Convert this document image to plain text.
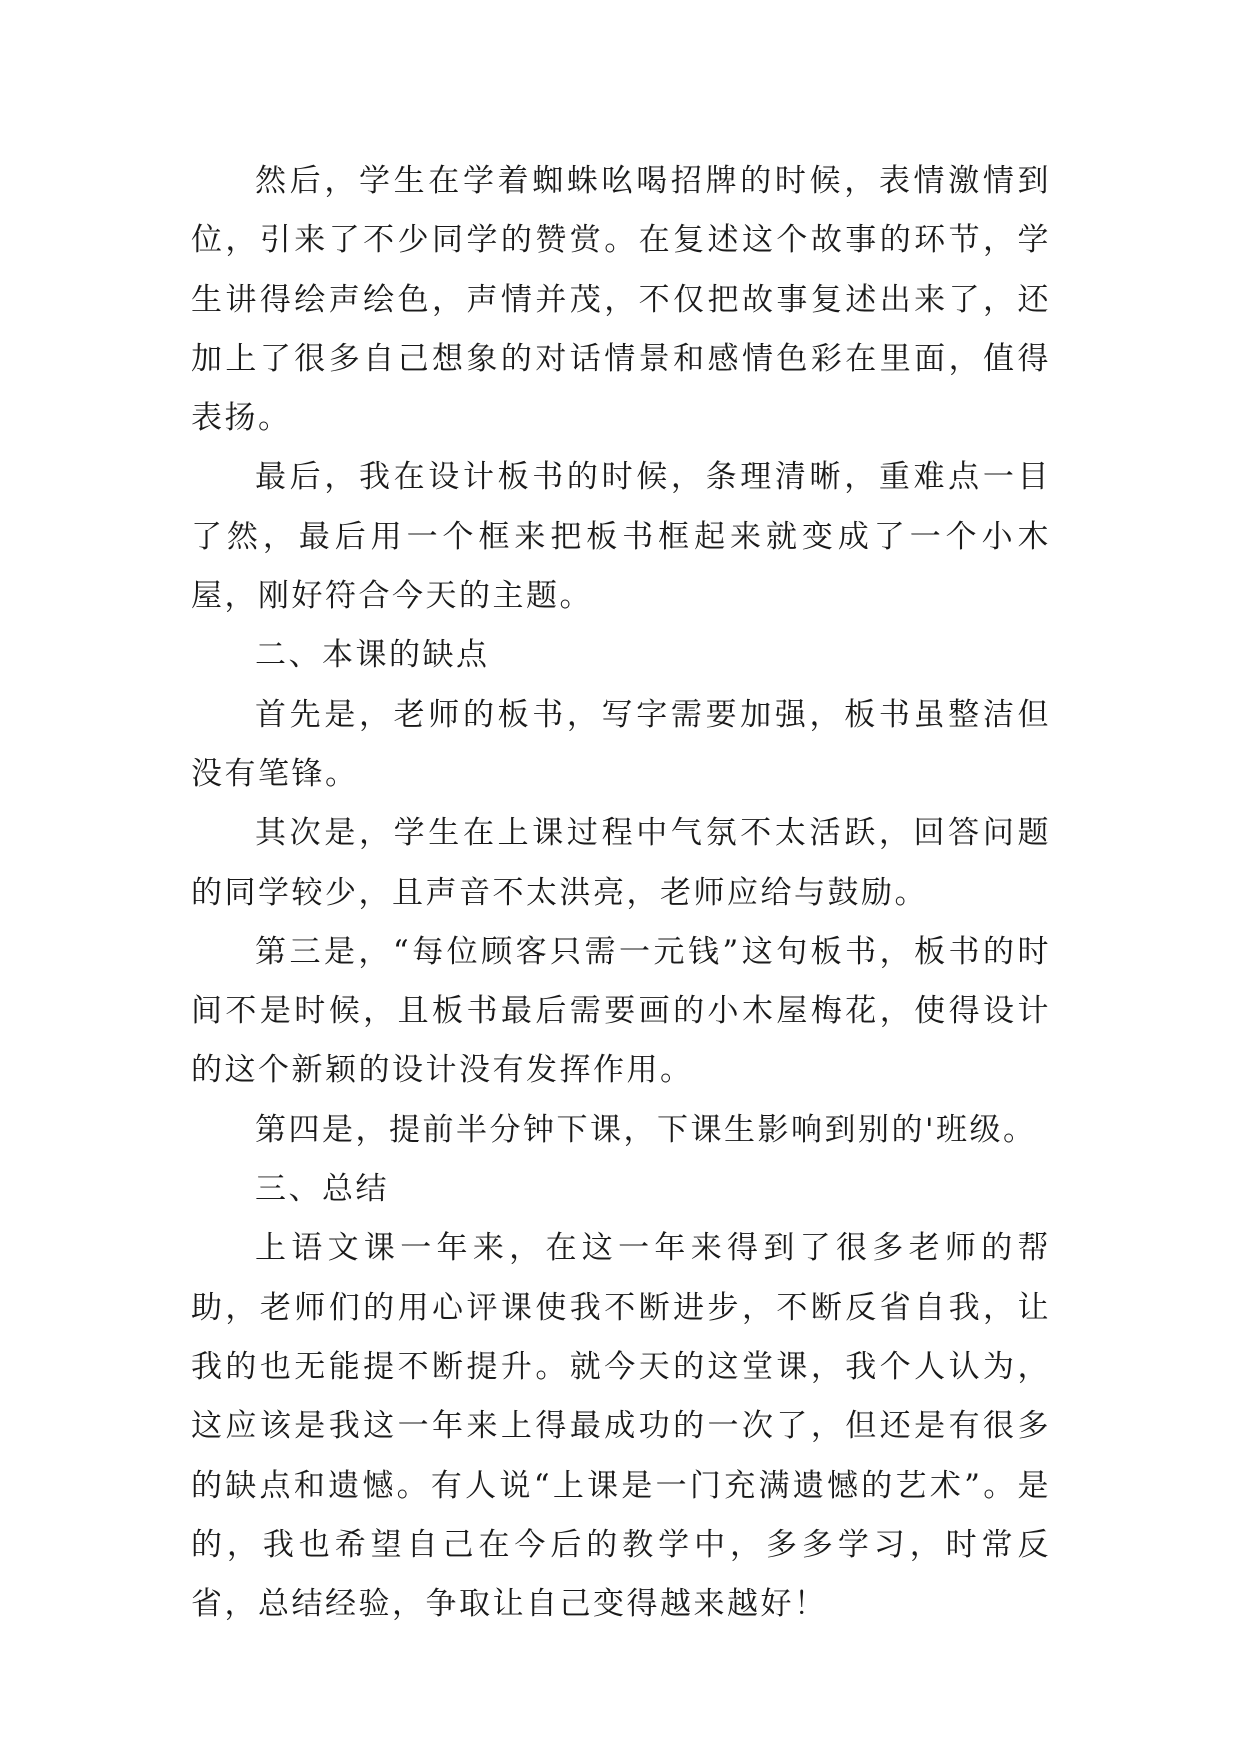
然后，学生在学着蜘蛛吆喝招牌的时候，表情激情到位，引来了不少同学的赞赏。在复述这个故事的环节，学生讲得绘声绘色，声情并茂，不仅把故事复述出来了，还加上了很多自己想象的对话情景和感情色彩在里面，值得表扬。

最后，我在设计板书的时候，条理清晰，重难点一目了然，最后用一个框来把板书框起来就变成了一个小木屋，刚好符合今天的主题。

二、本课的缺点

首先是，老师的板书，写字需要加强，板书虽整洁但没有笔锋。

其次是，学生在上课过程中气氛不太活跃，回答问题的同学较少，且声音不太洪亮，老师应给与鼓励。

第三是，“每位顾客只需一元钱”这句板书，板书的时间不是时候，且板书最后需要画的小木屋梅花，使得设计的这个新颖的设计没有发挥作用。

第四是，提前半分钟下课，下课生影响到别的'班级。

三、总结

上语文课一年来，在这一年来得到了很多老师的帮助，老师们的用心评课使我不断进步，不断反省自我，让我的也无能提不断提升。就今天的这堂课，我个人认为，这应该是我这一年来上得最成功的一次了，但还是有很多的缺点和遗憾。有人说“上课是一门充满遗憾的艺术”。是的，我也希望自己在今后的教学中，多多学习，时常反省，总结经验，争取让自己变得越来越好！
